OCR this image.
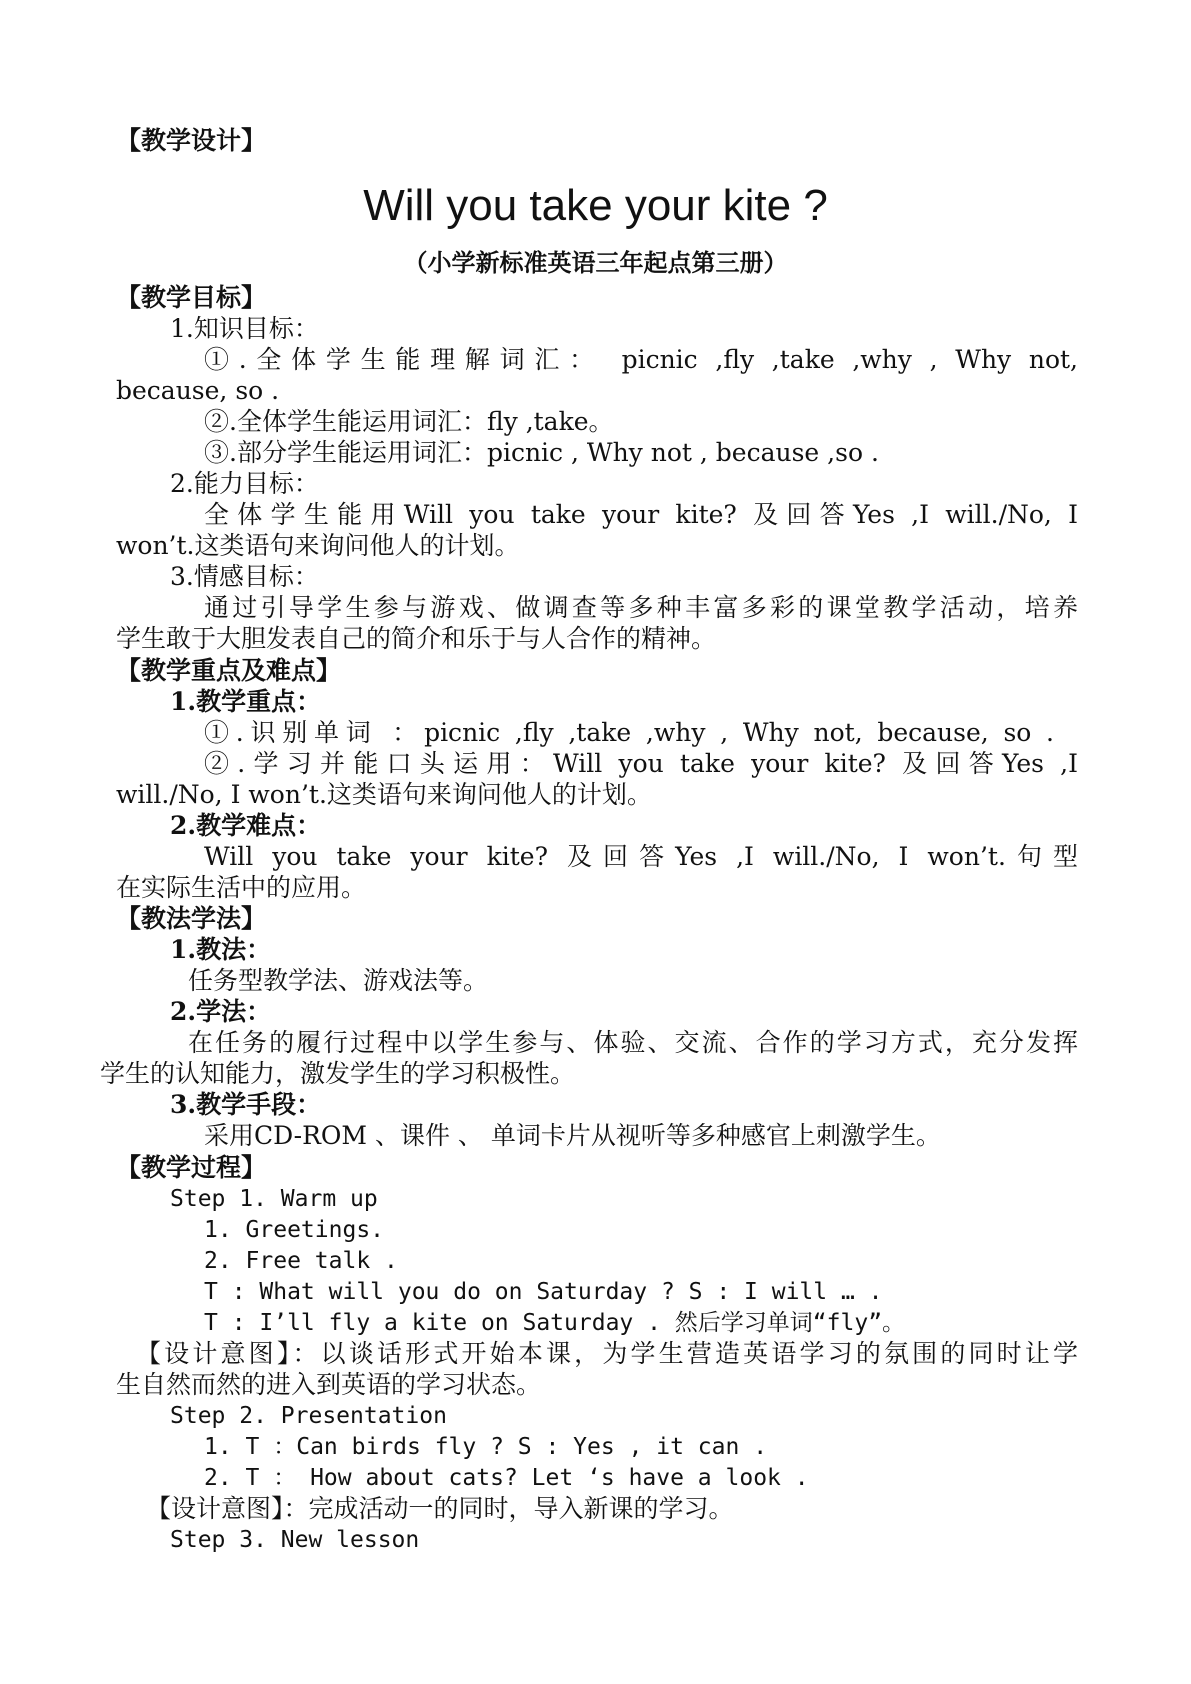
【教学设计】
Will you take your kite ?
（小学新标准英语三年起点第三册）
【教学目标】
1.知识目标：
①.全体学生能理解词汇： picnic ,fly ,take ,why , Why not,
because, so .
②.全体学生能运用词汇：fly ,take。
③.部分学生能运用词汇：picnic , Why not , because ,so .
2.能力目标：
全体学生能用Will you take your kite? 及回答Yes ,I will./No, I
won’t.这类语句来询问他人的计划。
3.情感目标：
通过引导学生参与游戏、做调查等多种丰富多彩的课堂教学活动，培养
学生敢于大胆发表自己的简介和乐于与人合作的精神。
【教学重点及难点】
1.教学重点：
①.识别单词 ：picnic ,fly ,take ,why , Why not, because, so .
②.学习并能口头运用：Will you take your kite? 及回答Yes ,I
will./No, I won’t.这类语句来询问他人的计划。
2.教学难点：
Will you take your kite? 及回答Yes ,I will./No, I won’t.句型
在实际生活中的应用。
【教法学法】
1.教法：
任务型教学法、游戏法等。
2.学法：
在任务的履行过程中以学生参与、体验、交流、合作的学习方式，充分发挥
学生的认知能力，激发学生的学习积极性。
3.教学手段：
采用CD-ROM 、课件 、 单词卡片从视听等多种感官上刺激学生。
【教学过程】
Step 1. Warm up
1. Greetings.
2. Free talk .
T : What will you do on Saturday ? S : I will … .
T : I’ll fly a kite on Saturday . 然后学习单词“fly”。
【设计意图】：以谈话形式开始本课，为学生营造英语学习的氛围的同时让学
生自然而然的进入到英语的学习状态。
Step 2. Presentation
1. T ：Can birds fly ? S : Yes , it can .
2. T ： How about cats? Let ‘s have a look .
【设计意图】：完成活动一的同时，导入新课的学习。
Step 3. New lesson
